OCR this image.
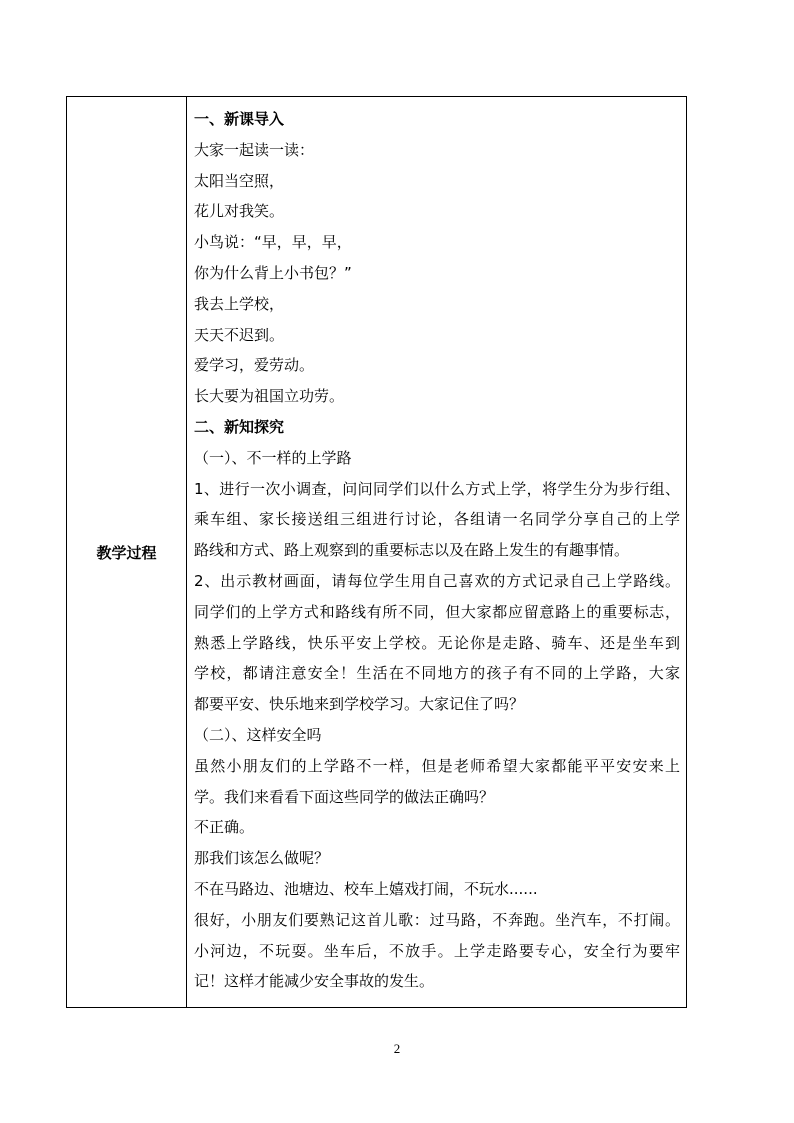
教学过程
一、新课导入
大家一起读一读：
太阳当空照，
花儿对我笑。
小鸟说：“早，早，早，
你为什么背上小书包？”
我去上学校，
天天不迟到。
爱学习，爱劳动。
长大要为祖国立功劳。
二、新知探究
（一）、不一样的上学路
1、进行一次小调查，问问同学们以什么方式上学，将学生分为步行组、
乘车组、家长接送组三组进行讨论，各组请一名同学分享自己的上学
路线和方式、路上观察到的重要标志以及在路上发生的有趣事情。
2、出示教材画面，请每位学生用自己喜欢的方式记录自己上学路线。
同学们的上学方式和路线有所不同，但大家都应留意路上的重要标志，
熟悉上学路线，快乐平安上学校。无论你是走路、骑车、还是坐车到
学校，都请注意安全！生活在不同地方的孩子有不同的上学路，大家
都要平安、快乐地来到学校学习。大家记住了吗？
（二）、这样安全吗
虽然小朋友们的上学路不一样，但是老师希望大家都能平平安安来上
学。我们来看看下面这些同学的做法正确吗？
不正确。
那我们该怎么做呢？
不在马路边、池塘边、校车上嬉戏打闹，不玩水......
很好，小朋友们要熟记这首儿歌：过马路，不奔跑。坐汽车，不打闹。
小河边，不玩耍。坐车后，不放手。上学走路要专心，安全行为要牢
记！这样才能减少安全事故的发生。
2
